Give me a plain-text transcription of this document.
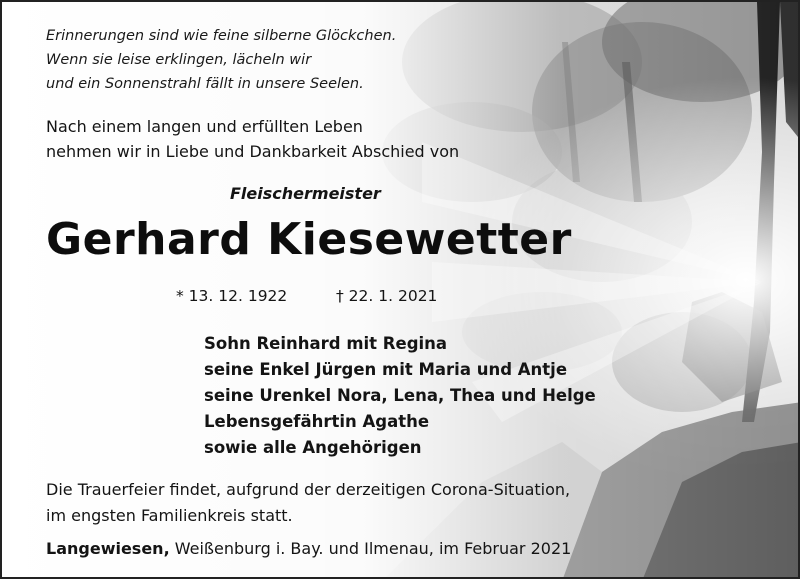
Erinnerungen sind wie feine silberne Glöckchen.
Wenn sie leise erklingen, lächeln wir
und ein Sonnenstrahl fällt in unsere Seelen.
Nach einem langen und erfüllten Leben
nehmen wir in Liebe und Dankbarkeit Abschied von
Fleischermeister
Gerhard Kiesewetter
* 13. 12. 1922	† 22. 1. 2021
Sohn Reinhard mit Regina
seine Enkel Jürgen mit Maria und Antje
seine Urenkel Nora, Lena, Thea und Helge
Lebensgefährtin Agathe
sowie alle Angehörigen
Die Trauerfeier findet, aufgrund der derzeitigen Corona-Situation,
im engsten Familienkreis statt.
Langewiesen, Weißenburg i. Bay. und Ilmenau, im Februar 2021
